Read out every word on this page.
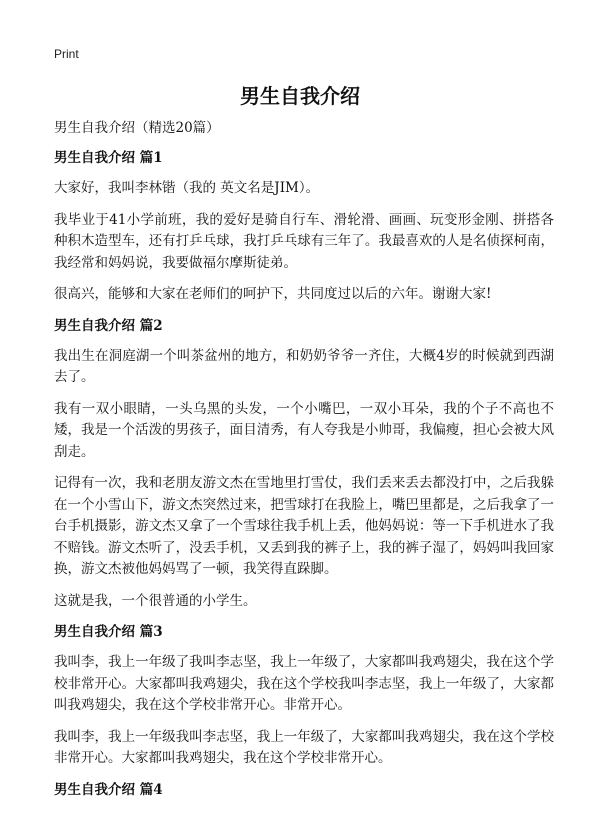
Print
男生自我介绍
男生自我介绍（精选20篇）
男生自我介绍 篇1

大家好，我叫李林锴（我的 英文名是JIM）。

我毕业于41小学前班，我的爱好是骑自行车、滑轮滑、画画、玩变形金刚、拼搭各种积木造型车，还有打乒乓球，我打乒乓球有三年了。我最喜欢的人是名侦探柯南，我经常和妈妈说，我要做福尔摩斯徒弟。

很高兴，能够和大家在老师们的呵护下，共同度过以后的六年。谢谢大家!

男生自我介绍 篇2

我出生在洞庭湖一个叫茶盆州的地方，和奶奶爷爷一齐住，大概4岁的时候就到西湖去了。

我有一双小眼睛，一头乌黑的头发，一个小嘴巴，一双小耳朵，我的个子不高也不矮，我是一个活泼的男孩子，面目清秀，有人夸我是小帅哥，我偏瘦，担心会被大风刮走。

记得有一次，我和老朋友游文杰在雪地里打雪仗，我们丢来丢去都没打中，之后我躲在一个小雪山下，游文杰突然过来，把雪球打在我脸上，嘴巴里都是，之后我拿了一台手机摄影，游文杰又拿了一个雪球往我手机上丢，他妈妈说：等一下手机进水了我不赔钱。游文杰听了，没丢手机，又丢到我的裤子上，我的裤子湿了，妈妈叫我回家换，游文杰被他妈妈骂了一顿，我笑得直跺脚。

这就是我，一个很普通的小学生。

男生自我介绍 篇3

我叫李，我上一年级了我叫李志坚，我上一年级了，大家都叫我鸡翅尖，我在这个学校非常开心。大家都叫我鸡翅尖，我在这个学校我叫李志坚，我上一年级了，大家都叫我鸡翅尖，我在这个学校非常开心。非常开心。

我叫李，我上一年级我叫李志坚，我上一年级了，大家都叫我鸡翅尖，我在这个学校非常开心。大家都叫我鸡翅尖，我在这个学校非常开心。

男生自我介绍 篇4
